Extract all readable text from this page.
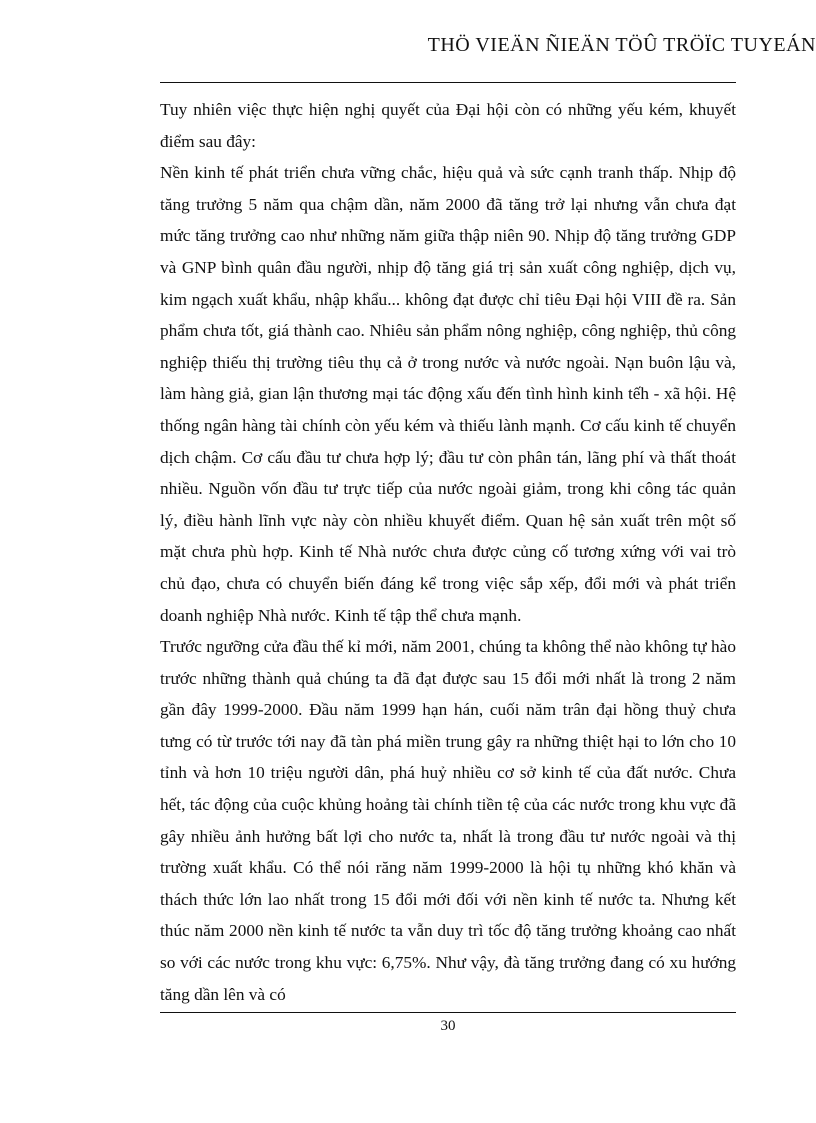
THÖ VIEÄN ÑIEÄN TÖÛ TRÖÏC TUYEÁN

Tuy nhiên việc thực hiện nghị quyết của Đại hội còn có những yếu kém, khuyết điểm sau đây:

Nền kinh tế phát triển chưa vững chắc, hiệu quả và sức cạnh tranh thấp. Nhịp độ tăng trưởng 5 năm qua chậm dần, năm 2000 đã tăng trở lại nhưng vẫn chưa đạt mức tăng trưởng cao như những năm giữa thập niên 90. Nhịp độ tăng trưởng GDP và GNP bình quân đầu người, nhịp độ tăng giá trị sản xuất công nghiệp, dịch vụ, kim ngạch xuất khẩu, nhập khẩu... không đạt được chỉ tiêu Đại hội VIII đề ra. Sản phẩm chưa tốt, giá thành cao. Nhiêu sản phẩm nông nghiệp, công nghiệp, thủ công nghiệp thiếu thị trường tiêu thụ cả ở trong nước và nước ngoài. Nạn buôn lậu và, làm hàng giả, gian lận thương mại tác động xấu đến tình hình kinh tếh - xã hội. Hệ thống ngân hàng tài chính còn yếu kém và thiếu lành mạnh. Cơ cấu kinh tế chuyển dịch chậm. Cơ cấu đầu tư chưa hợp lý; đầu tư còn phân tán, lãng phí và thất thoát nhiều. Nguồn vốn đầu tư trực tiếp của nước ngoài giảm, trong khi công tác quản lý, điều hành lĩnh vực này còn nhiều khuyết điểm. Quan hệ sản xuất trên một số mặt chưa phù hợp. Kinh tế Nhà nước chưa được củng cố tương xứng với vai trò chủ đạo, chưa có chuyển biến đáng kể trong việc sắp xếp, đổi mới và phát triển doanh nghiệp Nhà nước. Kinh tế tập thể chưa mạnh.

Trước ngưỡng cửa đầu thế kỉ mới, năm 2001, chúng ta không thể nào không tự hào trước những thành quả chúng ta đã đạt được sau 15 đổi mới nhất là trong 2 năm gần đây 1999-2000. Đầu năm 1999 hạn hán, cuối năm trân đại hồng thuỷ chưa tưng có từ trước tới nay đã tàn phá miền trung gây ra những thiệt hại to lớn cho 10 tỉnh và hơn 10 triệu người dân, phá huỷ nhiều cơ sở kinh tế của đất nước. Chưa hết, tác động của cuộc khủng hoảng tài chính tiền tệ của các nước trong khu vực đã gây nhiều ảnh hưởng bất lợi cho nước ta, nhất là trong đầu tư nước ngoài và thị trường xuất khẩu. Có thể nói răng năm 1999-2000 là hội tụ những khó khăn và thách thức lớn lao nhất trong 15 đổi mới đối với nền kinh tế nước ta. Nhưng kết thúc năm 2000 nền kinh tế nước ta vẫn duy trì tốc độ tăng trưởng khoảng cao nhất so với các nước trong khu vực: 6,75%. Như vậy, đà tăng trưởng đang có xu hướng tăng dần lên và có

30
